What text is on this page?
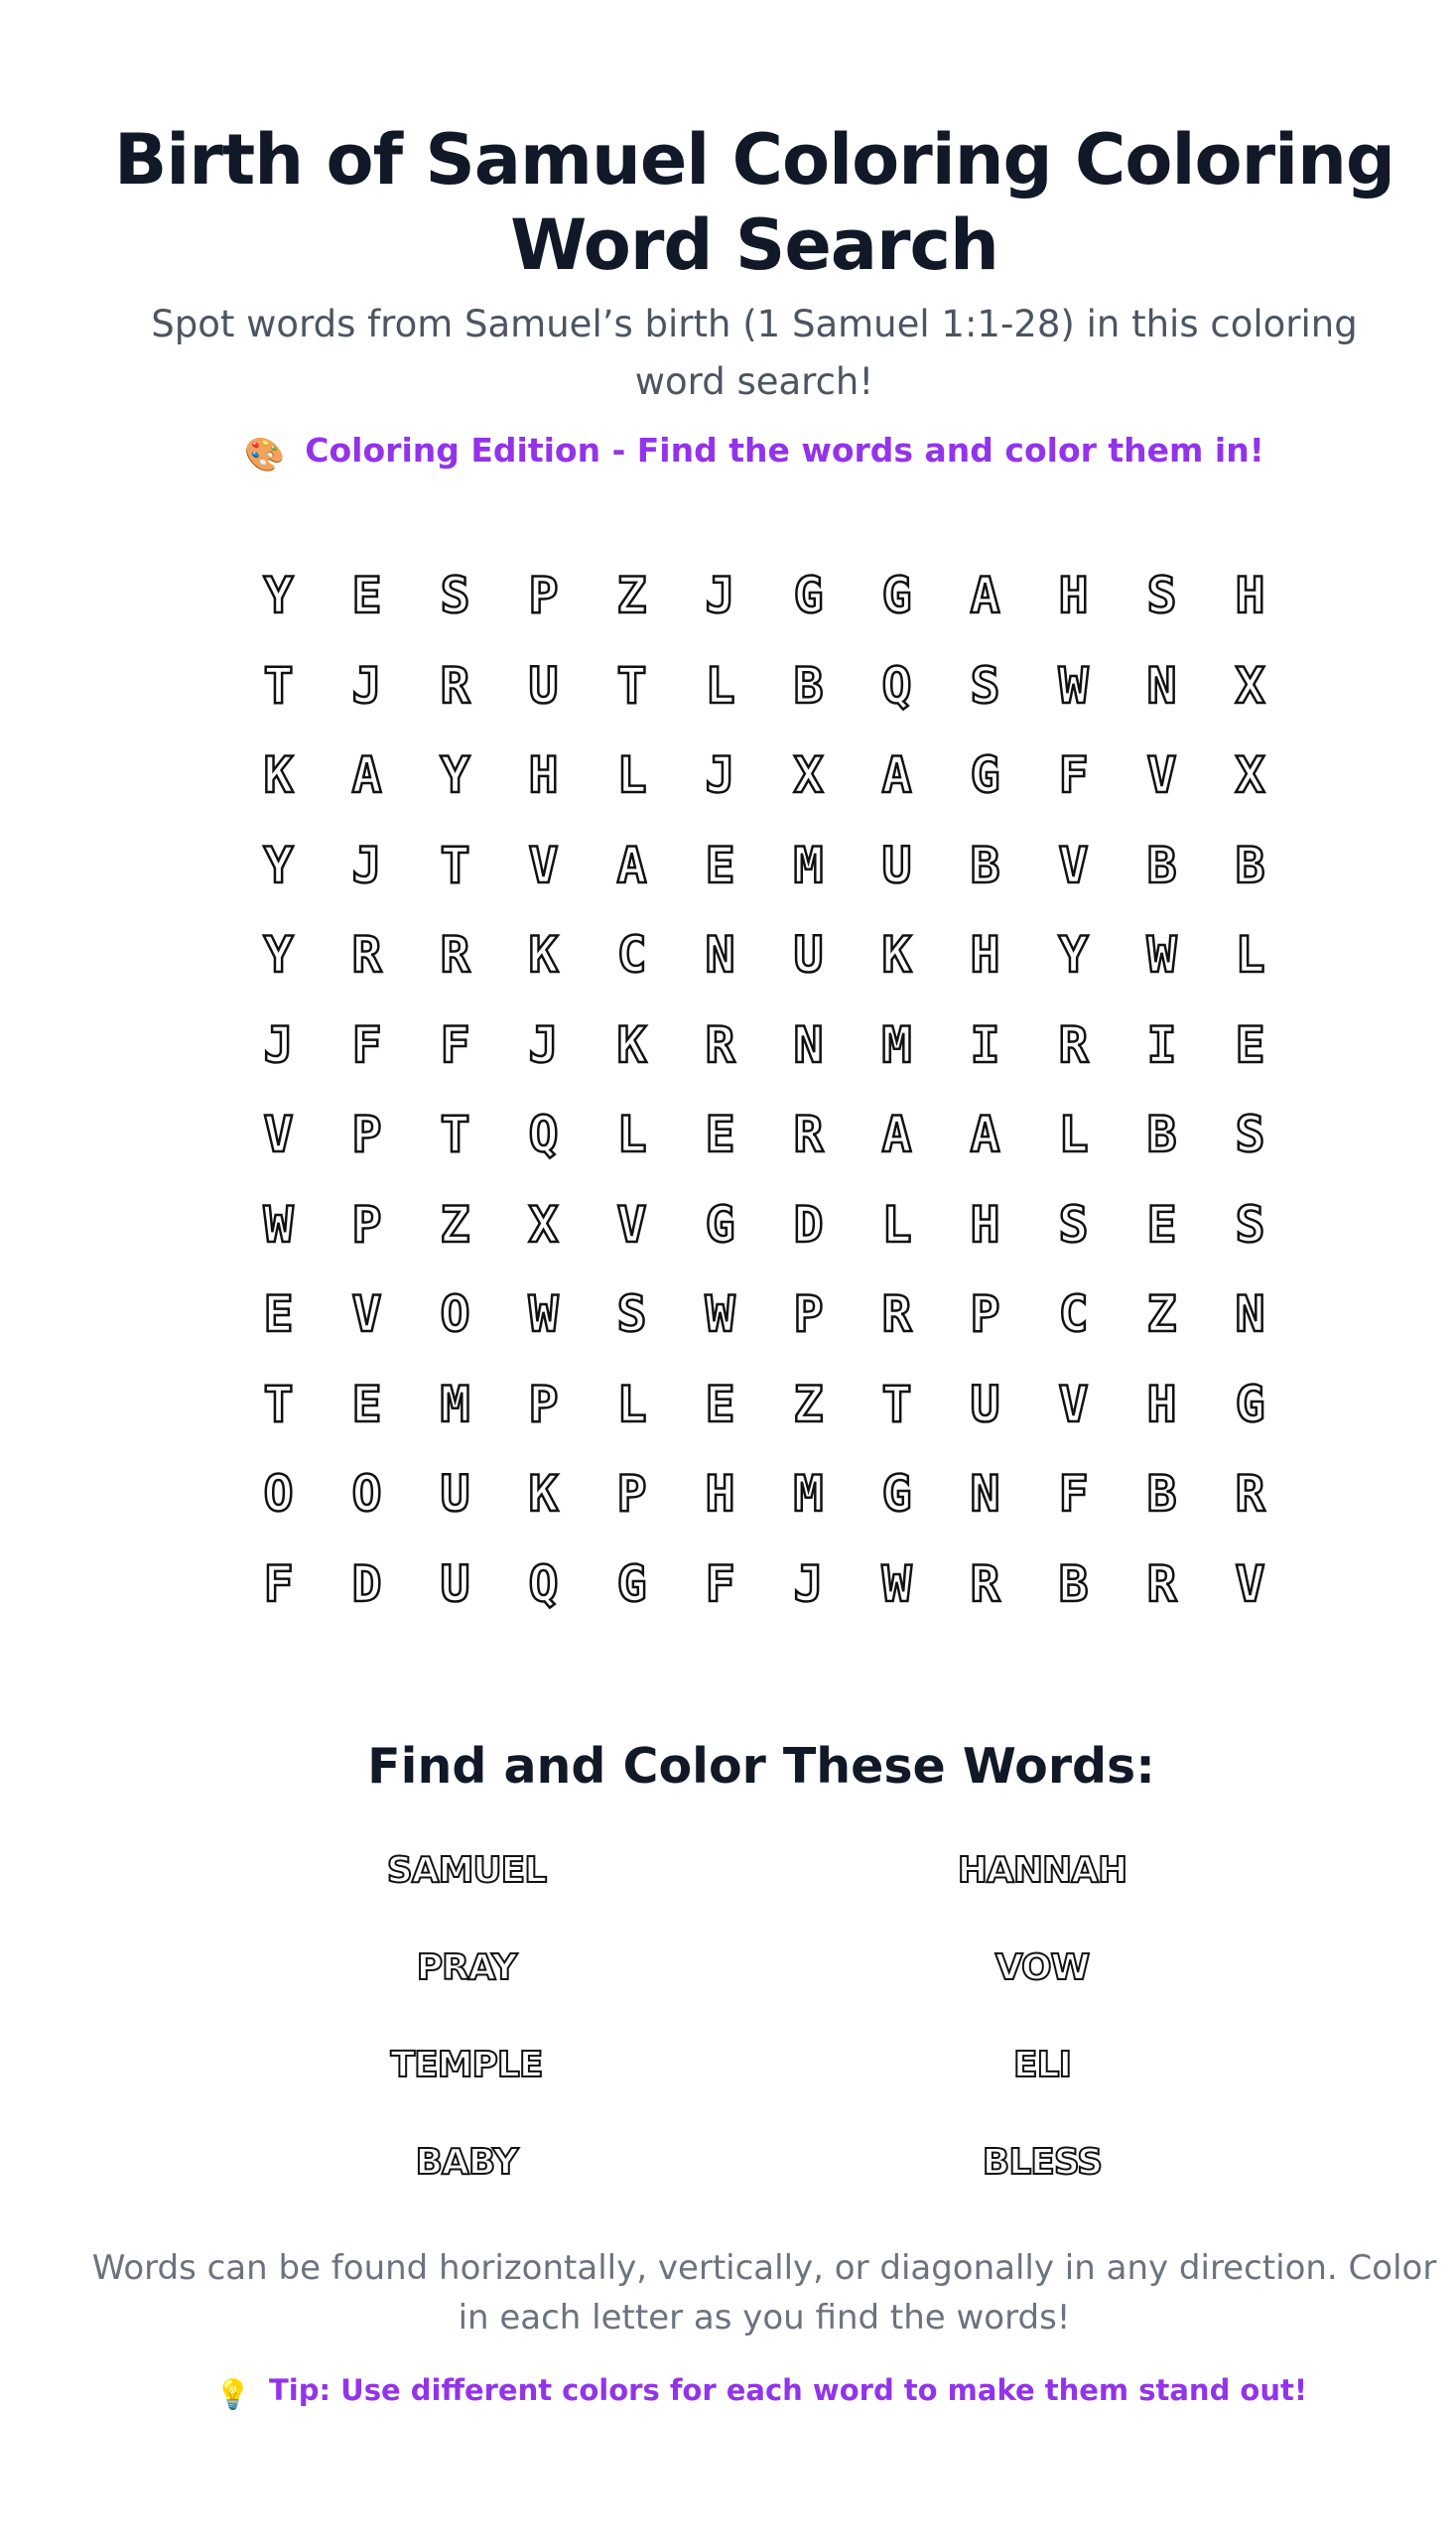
Birth of Samuel Coloring Coloring Word Search

Spot words from Samuel’s birth (1 Samuel 1:1-28) in this coloring word search!

🎨 Coloring Edition - Find the words and color them in!
Y	E	S	P	Z	J	G	G	A	H	S	H
T	J	R	U	T	L	B	Q	S	W	N	X
K	A	Y	H	L	J	X	A	G	F	V	X
Y	J	T	V	A	E	M	U	B	V	B	B
Y	R	R	K	C	N	U	K	H	Y	W	L
J	F	F	J	K	R	N	M	I	R	I	E
V	P	T	Q	L	E	R	A	A	L	B	S
W	P	Z	X	V	G	D	L	H	S	E	S
E	V	O	W	S	W	P	R	P	C	Z	N
T	E	M	P	L	E	Z	T	U	V	H	G
O	O	U	K	P	H	M	G	N	F	B	R
F	D	U	Q	G	F	J	W	R	B	R	V
Find and Color These Words:
SAMUEL	HANNAH
PRAY	VOW
TEMPLE	ELI
BABY	BLESS

Words can be found horizontally, vertically, or diagonally in any direction. Color in each letter as you find the words!

💡 Tip: Use different colors for each word to make them stand out!
